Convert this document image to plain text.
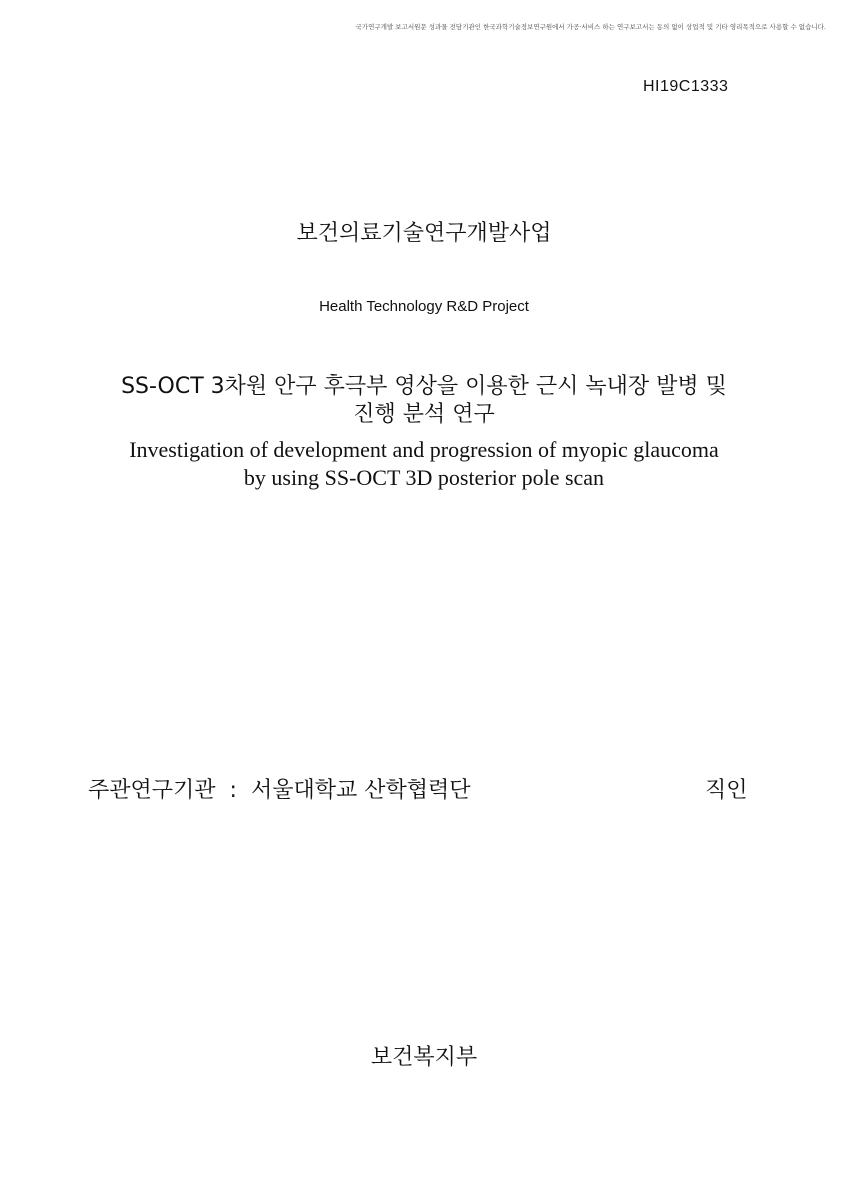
국가연구개발 보고서원문 성과물 전담기관인 한국과학기술정보연구원에서 가공·서비스 하는 연구보고서는 동의 없이 상업적 및 기타 영리목적으로 사용할 수 없습니다.
HI19C1333
보건의료기술연구개발사업
Health Technology R&D Project
SS-OCT 3차원 안구 후극부 영상을 이용한 근시 녹내장 발병 및
진행 분석 연구
Investigation of development and progression of myopic glaucoma
by using SS-OCT 3D posterior pole scan
주관연구기관 : 서울대학교 산학협력단	직인
보건복지부
